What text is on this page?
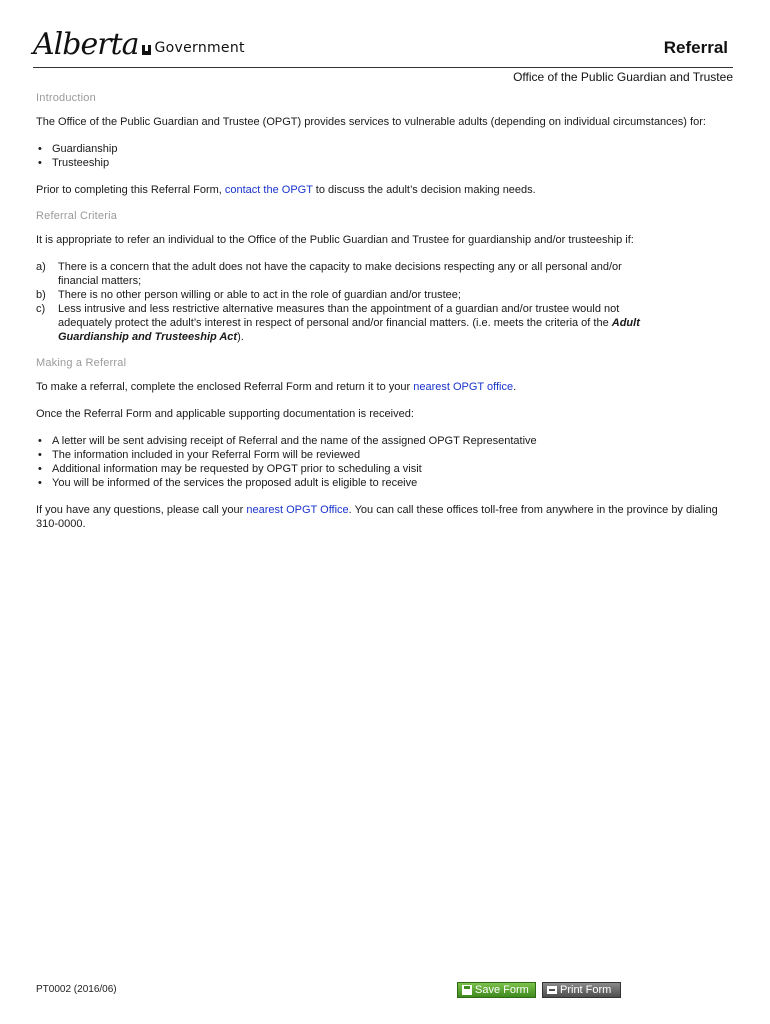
Alberta Government	Referral
Office of the Public Guardian and Trustee
Introduction

The Office of the Public Guardian and Trustee (OPGT) provides services to vulnerable adults (depending on individual circumstances) for:

• Guardianship
• Trusteeship

Prior to completing this Referral Form, contact the OPGT to discuss the adult’s decision making needs.

Referral Criteria

It is appropriate to refer an individual to the Office of the Public Guardian and Trustee for guardianship and/or trusteeship if:

a)	There is a concern that the adult does not have the capacity to make decisions respecting any or all personal and/or financial matters;
b)	There is no other person willing or able to act in the role of guardian and/or trustee;
c)	Less intrusive and less restrictive alternative measures than the appointment of a guardian and/or trustee would not adequately protect the adult’s interest in respect of personal and/or financial matters. (i.e. meets the criteria of the Adult Guardianship and Trusteeship Act).
Making a Referral

To make a referral, complete the enclosed Referral Form and return it to your nearest OPGT office.

Once the Referral Form and applicable supporting documentation is received:

• A letter will be sent advising receipt of Referral and the name of the assigned OPGT Representative
• The information included in your Referral Form will be reviewed
• Additional information may be requested by OPGT prior to scheduling a visit
• You will be informed of the services the proposed adult is eligible to receive

If you have any questions, please call your nearest OPGT Office. You can call these offices toll-free from anywhere in the province by dialing 310-0000.

PT0002 (2016/06)	Save Form	Print Form
